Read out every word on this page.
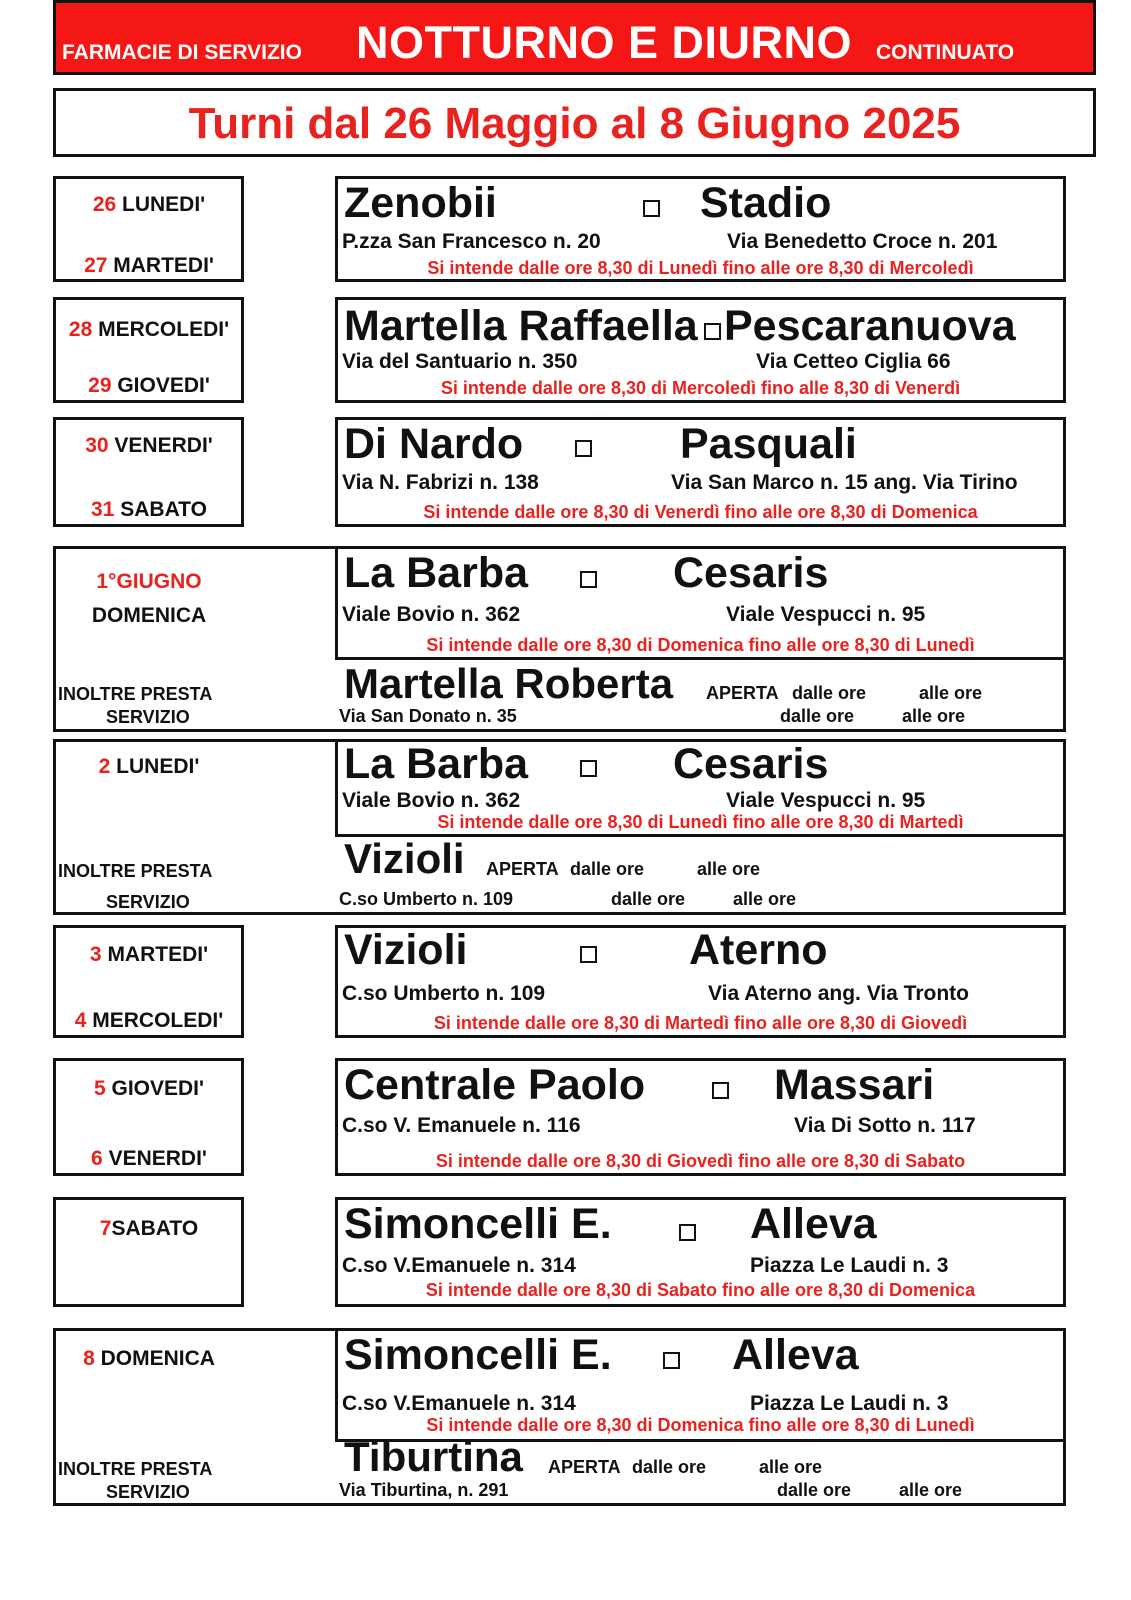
FARMACIE DI SERVIZIO NOTTURNO E DIURNO CONTINUATO
Turni dal 26 Maggio al 8 Giugno 2025
26 LUNEDI'
27 MARTEDI'
Zenobii	Stadio
P.zza San Francesco n. 20	Via Benedetto Croce n. 201
Si intende dalle ore 8,30 di Lunedì fino alle ore 8,30 di Mercoledì
28 MERCOLEDI'
29 GIOVEDI'
Martella Raffaella Pescaranuova
Via del Santuario n. 350	Via Cetteo Ciglia 66
Si intende dalle ore 8,30 di Mercoledì fino alle 8,30 di Venerdì
30 VENERDI'
31 SABATO
Di Nardo	Pasquali
Via N. Fabrizi n. 138	Via San Marco n. 15 ang. Via Tirino
Si intende dalle ore 8,30 di Venerdì fino alle ore 8,30 di Domenica
1°GIUGNO
DOMENICA
INOLTRE PRESTA
SERVIZIO
La Barba	Cesaris
Viale Bovio n. 362	Viale Vespucci n. 95
Si intende dalle ore 8,30 di Domenica fino alle ore 8,30 di Lunedì
Martella Roberta APERTA dalle ore	alle ore
Via San Donato n. 35	dalle ore	alle ore
2 LUNEDI'
INOLTRE PRESTA
SERVIZIO
La Barba	Cesaris
Viale Bovio n. 362	Viale Vespucci n. 95
Si intende dalle ore 8,30 di Lunedì fino alle ore 8,30 di Martedì
Vizioli APERTA dalle ore	alle ore
C.so Umberto n. 109	dalle ore	alle ore
3 MARTEDI'
4 MERCOLEDI'
Vizioli	Aterno
C.so Umberto n. 109	Via Aterno ang. Via Tronto
Si intende dalle ore 8,30 di Martedì fino alle ore 8,30 di Giovedì
5 GIOVEDI'
6 VENERDI'
Centrale Paolo	Massari
C.so V. Emanuele n. 116	Via Di Sotto n. 117
Si intende dalle ore 8,30 di Giovedì fino alle ore 8,30 di Sabato
7SABATO	Simoncelli E.	Alleva
C.so V.Emanuele n. 314	Piazza Le Laudi n. 3
Si intende dalle ore 8,30 di Sabato fino alle ore 8,30 di Domenica
8 DOMENICA
INOLTRE PRESTA
SERVIZIO
Simoncelli E.	Alleva
C.so V.Emanuele n. 314	Piazza Le Laudi n. 3
Si intende dalle ore 8,30 di Domenica fino alle ore 8,30 di Lunedì
Tiburtina APERTA dalle ore	alle ore
Via Tiburtina, n. 291	dalle ore	alle ore
